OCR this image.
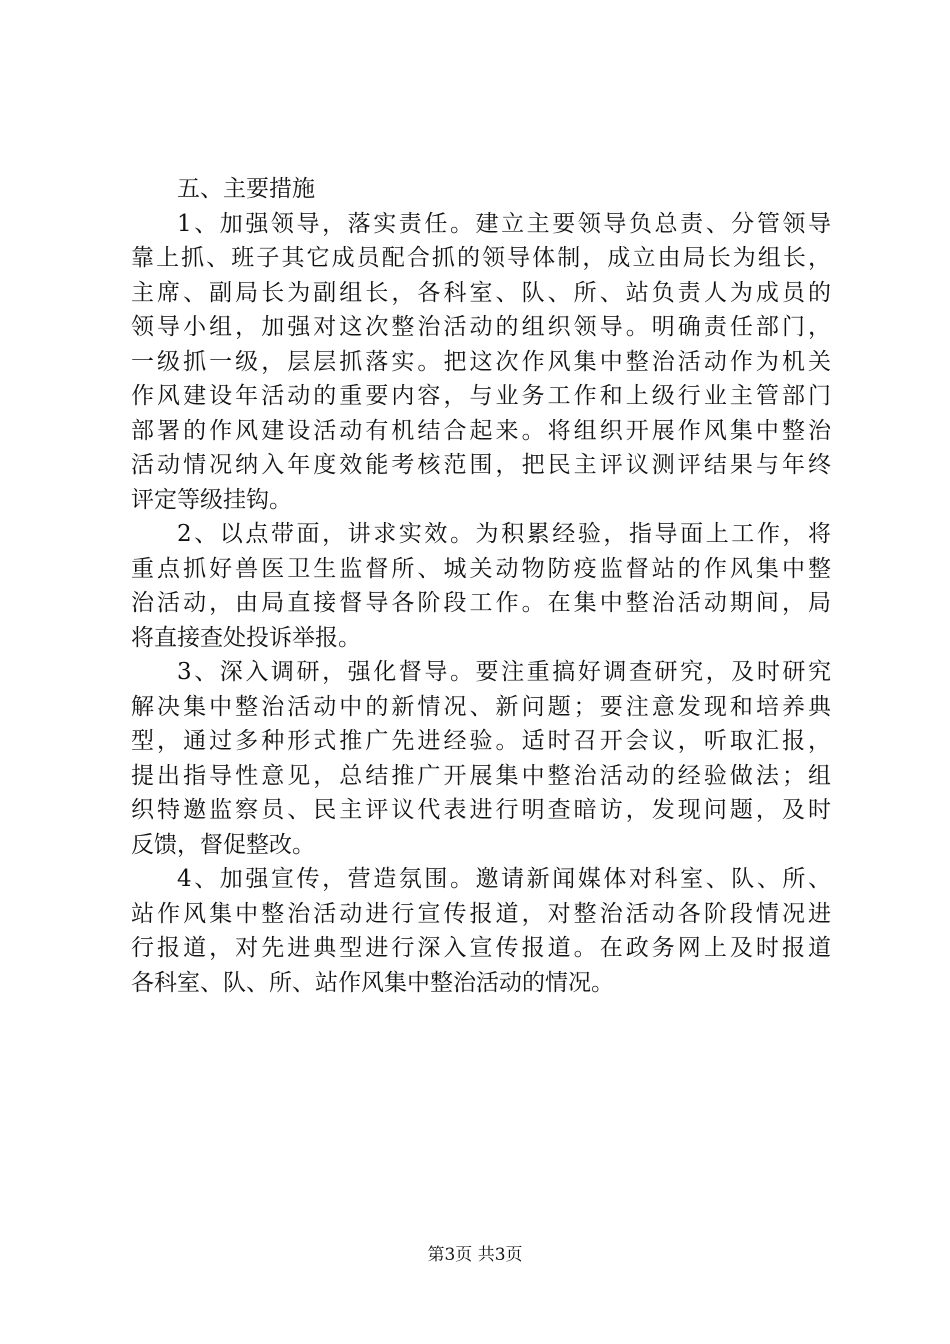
五、主要措施
1、加强领导，落实责任。建立主要领导负总责、分管领导
靠上抓、班子其它成员配合抓的领导体制，成立由局长为组长，
主席、副局长为副组长，各科室、队、所、站负责人为成员的
领导小组，加强对这次整治活动的组织领导。明确责任部门，
一级抓一级，层层抓落实。把这次作风集中整治活动作为机关
作风建设年活动的重要内容，与业务工作和上级行业主管部门
部署的作风建设活动有机结合起来。将组织开展作风集中整治
活动情况纳入年度效能考核范围，把民主评议测评结果与年终
评定等级挂钩。
2、以点带面，讲求实效。为积累经验，指导面上工作，将
重点抓好兽医卫生监督所、城关动物防疫监督站的作风集中整
治活动，由局直接督导各阶段工作。在集中整治活动期间，局
将直接查处投诉举报。
3、深入调研，强化督导。要注重搞好调查研究，及时研究
解决集中整治活动中的新情况、新问题；要注意发现和培养典
型，通过多种形式推广先进经验。适时召开会议，听取汇报，
提出指导性意见，总结推广开展集中整治活动的经验做法；组
织特邀监察员、民主评议代表进行明查暗访，发现问题，及时
反馈，督促整改。
4、加强宣传，营造氛围。邀请新闻媒体对科室、队、所、
站作风集中整治活动进行宣传报道，对整治活动各阶段情况进
行报道，对先进典型进行深入宣传报道。在政务网上及时报道
各科室、队、所、站作风集中整治活动的情况。
第3页 共3页
